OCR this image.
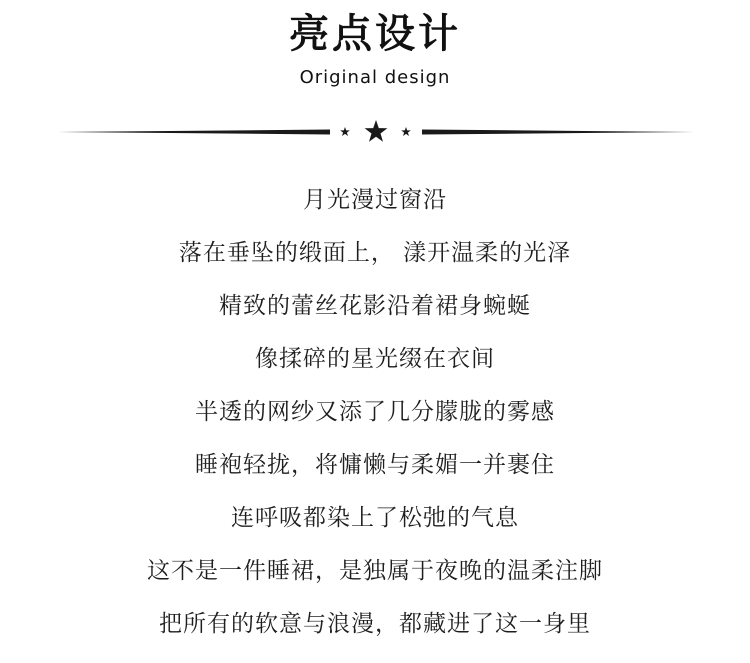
亮点设计
Original design
月光漫过窗沿
落在垂坠的缎面上， 漾开温柔的光泽
精致的蕾丝花影沿着裙身蜿蜒
像揉碎的星光缀在衣间
半透的网纱又添了几分朦胧的雾感
睡袍轻拢，将慵懒与柔媚一并裹住
连呼吸都染上了松弛的气息
这不是一件睡裙，是独属于夜晚的温柔注脚
把所有的软意与浪漫，都藏进了这一身里
